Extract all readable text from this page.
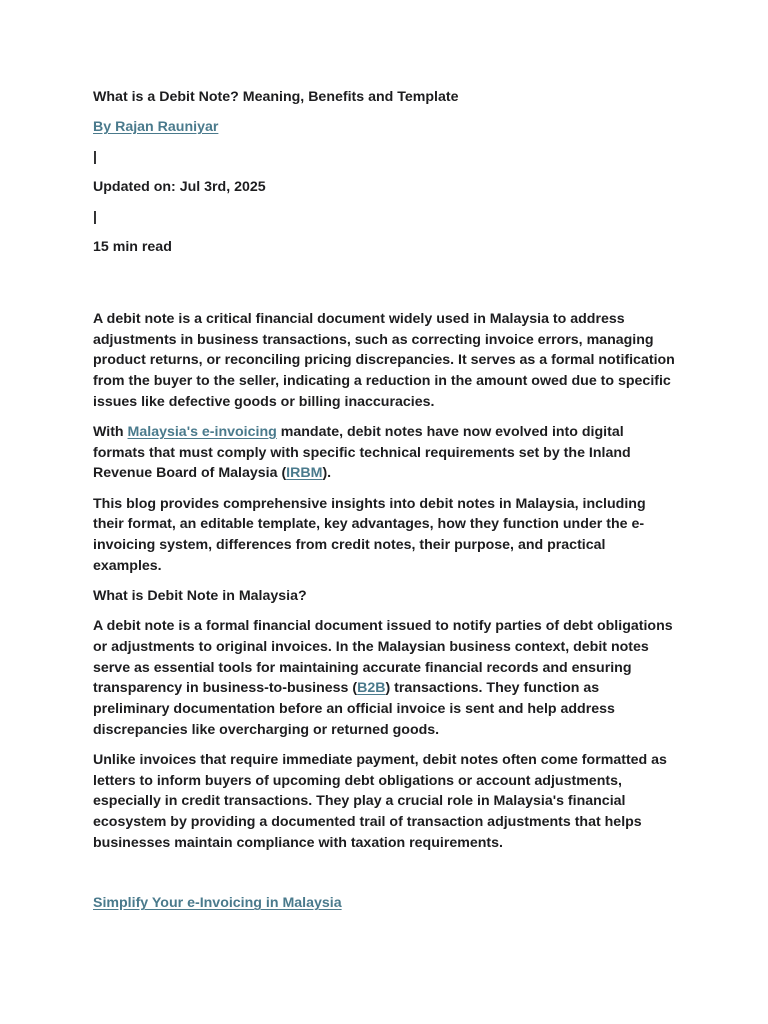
What is a Debit Note? Meaning, Benefits and Template

By Rajan Rauniyar

|

Updated on: Jul 3rd, 2025

|

15 min read

A debit note is a critical financial document widely used in Malaysia to address adjustments in business transactions, such as correcting invoice errors, managing product returns, or reconciling pricing discrepancies. It serves as a formal notification from the buyer to the seller, indicating a reduction in the amount owed due to specific issues like defective goods or billing inaccuracies.

With Malaysia's e-invoicing mandate, debit notes have now evolved into digital formats that must comply with specific technical requirements set by the Inland Revenue Board of Malaysia (IRBM).

This blog provides comprehensive insights into debit notes in Malaysia, including their format, an editable template, key advantages, how they function under the e-invoicing system, differences from credit notes, their purpose, and practical examples.

What is Debit Note in Malaysia?

A debit note is a formal financial document issued to notify parties of debt obligations or adjustments to original invoices. In the Malaysian business context, debit notes serve as essential tools for maintaining accurate financial records and ensuring transparency in business-to-business (B2B) transactions. They function as preliminary documentation before an official invoice is sent and help address discrepancies like overcharging or returned goods.

Unlike invoices that require immediate payment, debit notes often come formatted as letters to inform buyers of upcoming debt obligations or account adjustments, especially in credit transactions. They play a crucial role in Malaysia's financial ecosystem by providing a documented trail of transaction adjustments that helps businesses maintain compliance with taxation requirements.

Simplify Your e-Invoicing in Malaysia
